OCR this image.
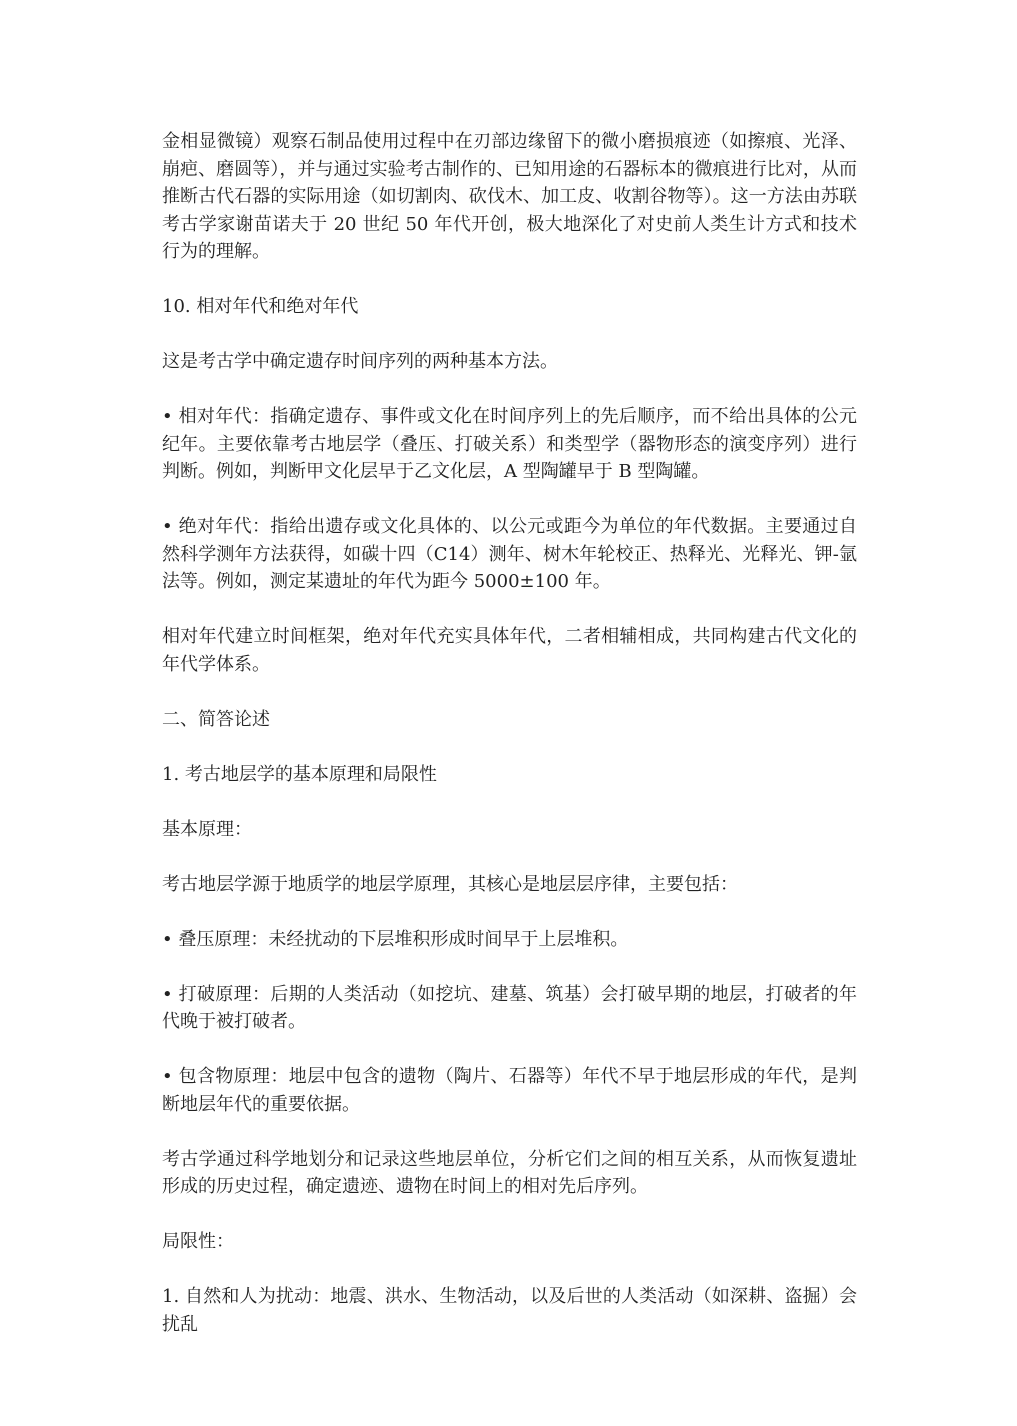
金相显微镜）观察石制品使用过程中在刃部边缘留下的微小磨损痕迹（如擦痕、光泽、崩疤、磨圆等），并与通过实验考古制作的、已知用途的石器标本的微痕进行比对，从而推断古代石器的实际用途（如切割肉、砍伐木、加工皮、收割谷物等）。这一方法由苏联考古学家谢苗诺夫于 20 世纪 50 年代开创，极大地深化了对史前人类生计方式和技术行为的理解。

10. 相对年代和绝对年代

这是考古学中确定遗存时间序列的两种基本方法。

• 相对年代：指确定遗存、事件或文化在时间序列上的先后顺序，而不给出具体的公元纪年。主要依靠考古地层学（叠压、打破关系）和类型学（器物形态的演变序列）进行判断。例如，判断甲文化层早于乙文化层，A 型陶罐早于 B 型陶罐。

• 绝对年代：指给出遗存或文化具体的、以公元或距今为单位的年代数据。主要通过自然科学测年方法获得，如碳十四（C14）测年、树木年轮校正、热释光、光释光、钾-氩法等。例如，测定某遗址的年代为距今 5000±100 年。

相对年代建立时间框架，绝对年代充实具体年代，二者相辅相成，共同构建古代文化的年代学体系。

二、简答论述

1. 考古地层学的基本原理和局限性

基本原理：

考古地层学源于地质学的地层学原理，其核心是地层层序律，主要包括：

• 叠压原理：未经扰动的下层堆积形成时间早于上层堆积。

• 打破原理：后期的人类活动（如挖坑、建墓、筑基）会打破早期的地层，打破者的年代晚于被打破者。

• 包含物原理：地层中包含的遗物（陶片、石器等）年代不早于地层形成的年代，是判断地层年代的重要依据。

考古学通过科学地划分和记录这些地层单位，分析它们之间的相互关系，从而恢复遗址形成的历史过程，确定遗迹、遗物在时间上的相对先后序列。

局限性：

1. 自然和人为扰动：地震、洪水、生物活动，以及后世的人类活动（如深耕、盗掘）会扰乱
